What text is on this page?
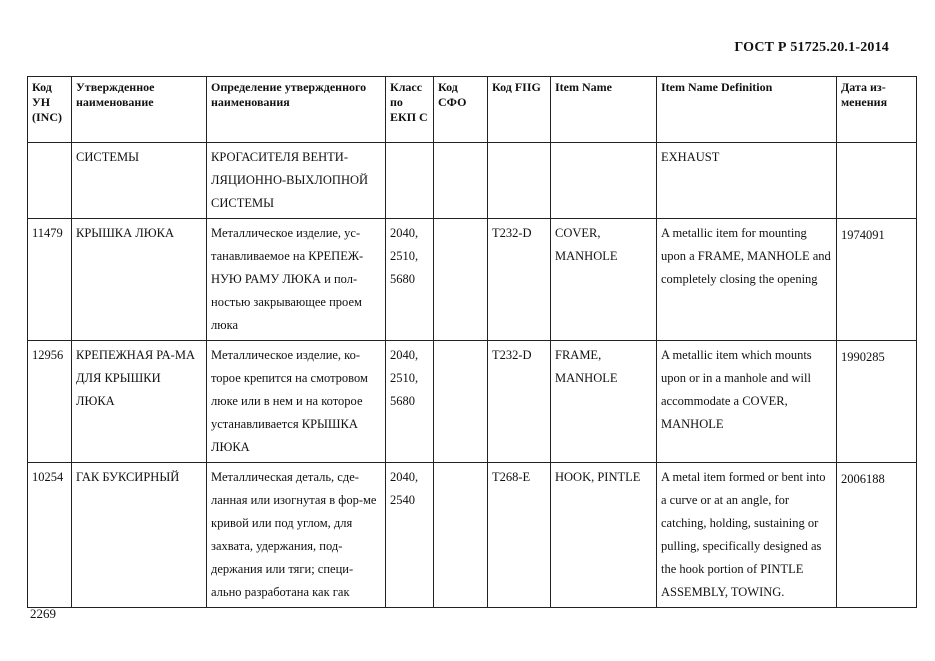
ГОСТ Р 51725.20.1-2014
Код УН (INC)	Утвержденное наименование	Определение утвержденного наименования	Класс по ЕКП С	Код СФО	Код FIIG	Item Name	Item Name Definition	Дата из-менения
	СИСТЕМЫ	КРОГАСИТЕЛЯ ВЕНТИ-ЛЯЦИОННО-ВЫХЛОПНОЙ СИСТЕМЫ					EXHAUST	
11479	КРЫШКА ЛЮКА	Металлическое изделие, ус-танавливаемое на КРЕПЕЖ-НУЮ РАМУ ЛЮКА и пол-ностью закрывающее проем люка	2040, 2510, 5680		T232-D	COVER, MANHOLE	A metallic item for mounting upon a FRAME, MANHOLE and completely closing the opening	1974091
12956	КРЕПЕЖНАЯ РА-МА ДЛЯ КРЫШКИ ЛЮКА	Металлическое изделие, ко-торое крепится на смотровом люке или в нем и на которое устанавливается КРЫШКА ЛЮКА	2040, 2510, 5680		T232-D	FRAME, MANHOLE	A metallic item which mounts upon or in a manhole and will accommodate a COVER, MANHOLE	1990285
10254	ГАК БУКСИРНЫЙ	Металлическая деталь, сде-ланная или изогнутая в фор-ме кривой или под углом, для захвата, удержания, под-держания или тяги; специ-ально разработана как гак	2040, 2540		T268-E	HOOK, PINTLE	A metal item formed or bent into a curve or at an angle, for catching, holding, sustaining or pulling, specifically designed as the hook portion of PINTLE ASSEMBLY, TOWING.	2006188
2269
